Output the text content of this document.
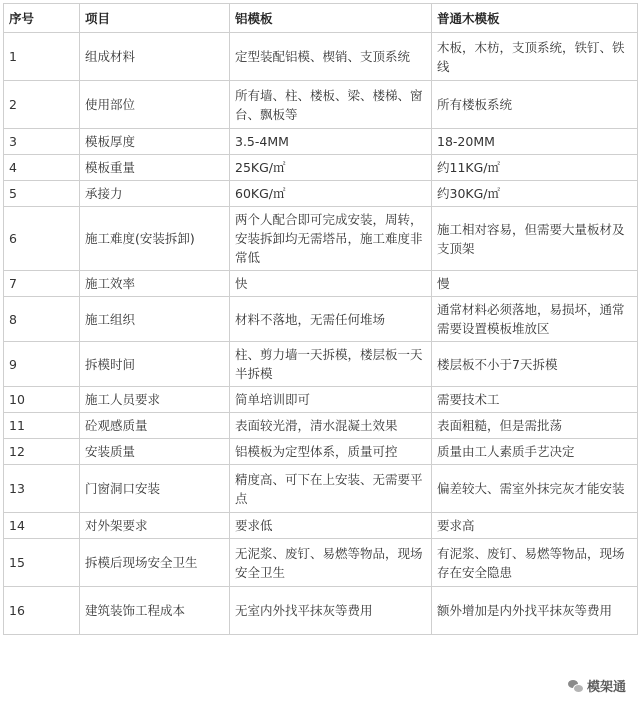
序号	项目	铝模板	普通木模板
1	组成材料	定型装配铝模、楔销、支顶系统	木板，木枋，支顶系统，铁钉、铁线
2	使用部位	所有墙、柱、楼板、梁、楼梯、窗台、飘板等	所有楼板系统
3	模板厚度	3.5-4MM	18-20MM
4	模板重量	25KG/㎡	约11KG/㎡
5	承接力	60KG/㎡	约30KG/㎡
6	施工难度(安装拆卸)	两个人配合即可完成安装，周转，安装拆卸均无需塔吊，施工难度非常低	施工相对容易，但需要大量板材及支顶架
7	施工效率	快	慢
8	施工组织	材料不落地，无需任何堆场	通常材料必须落地，易损坏，通常需要设置模板堆放区
9	拆模时间	柱、剪力墙一天拆模，楼层板一天半拆模	楼层板不小于7天拆模
10	施工人员要求	简单培训即可	需要技术工
11	砼观感质量	表面较光滑，清水混凝土效果	表面粗糙，但是需批荡
12	安装质量	铝模板为定型体系，质量可控	质量由工人素质手艺决定
13	门窗洞口安装	精度高、可下在上安装、无需要平点	偏差较大、需室外抹完灰才能安装
14	对外架要求	要求低	要求高
15	拆模后现场安全卫生	无泥浆、废钉、易燃等物品，现场安全卫生	有泥浆、废钉、易燃等物品，现场存在安全隐患
16	建筑装饰工程成本	无室内外找平抹灰等费用	额外增加是内外找平抹灰等费用
模架通
